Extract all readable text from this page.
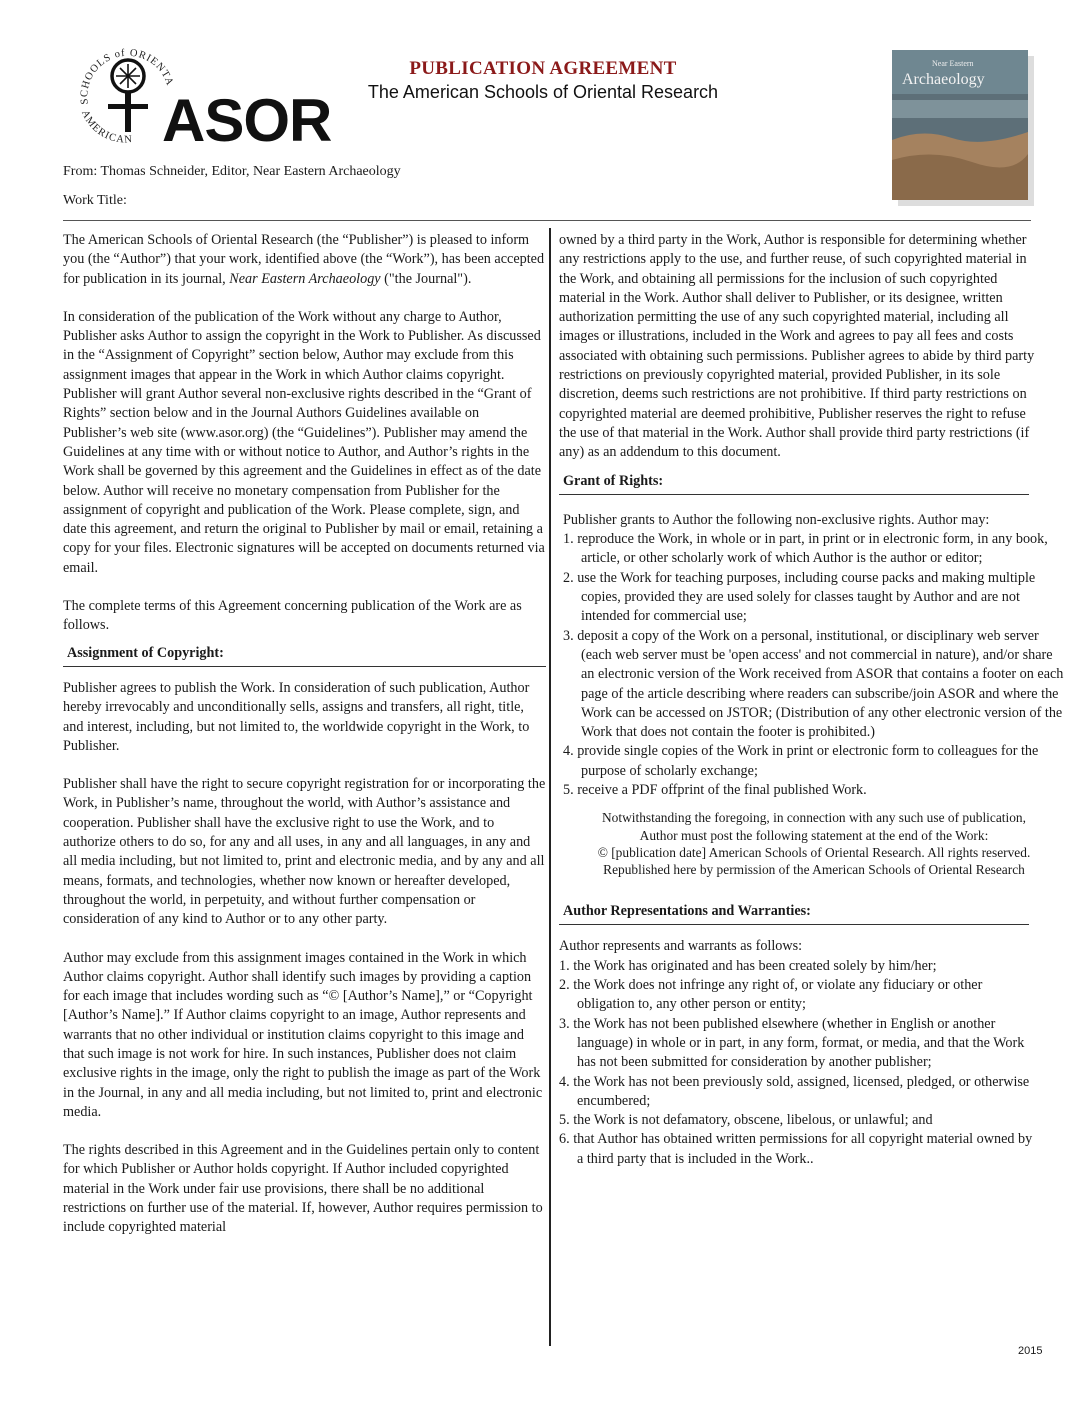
SCHOOLS of ORIENTA
AMERICAN ASOR
PUBLICATION AGREEMENT
The American Schools of Oriental Research
Near Eastern
Archaeology
From: Thomas Schneider, Editor, Near Eastern Archaeology
Work Title:

The American Schools of Oriental Research (the “Publisher”) is pleased to inform you (the “Author”) that your work, identified above (the “Work”), has been accepted for publication in its journal, Near Eastern Archaeology ("the Journal").

In consideration of the publication of the Work without any charge to Author, Publisher asks Author to assign the copyright in the Work to Publisher. As discussed in the “Assignment of Copyright” section below, Author may exclude from this assignment images that appear in the Work in which Author claims copyright. Publisher will grant Author several non-exclusive rights described in the “Grant of Rights” section below and in the Journal Authors Guidelines available on Publisher’s web site (www.asor.org) (the “Guidelines”). Publisher may amend the Guidelines at any time with or without notice to Author, and Author’s rights in the Work shall be governed by this agreement and the Guidelines in effect as of the date below. Author will receive no monetary compensation from Publisher for the assignment of copyright and publication of the Work. Please complete, sign, and date this agreement, and return the original to Publisher by mail or email, retaining a copy for your files. Electronic signatures will be accepted on documents returned via email.

The complete terms of this Agreement concerning publication of the Work are as follows.

Assignment of Copyright:

Publisher agrees to publish the Work. In consideration of such publication, Author hereby irrevocably and unconditionally sells, assigns and transfers, all right, title, and interest, including, but not limited to, the worldwide copyright in the Work, to Publisher.

Publisher shall have the right to secure copyright registration for or incorporating the Work, in Publisher’s name, throughout the world, with Author’s assistance and cooperation. Publisher shall have the exclusive right to use the Work, and to authorize others to do so, for any and all uses, in any and all languages, in any and all media including, but not limited to, print and electronic media, and by any and all means, formats, and technologies, whether now known or hereafter developed, throughout the world, in perpetuity, and without further compensation or consideration of any kind to Author or to any other party.

Author may exclude from this assignment images contained in the Work in which Author claims copyright. Author shall identify such images by providing a caption for each image that includes wording such as “© [Author’s Name],” or “Copyright [Author’s Name].” If Author claims copyright to an image, Author represents and warrants that no other individual or institution claims copyright to this image and that such image is not work for hire. In such instances, Publisher does not claim exclusive rights in the image, only the right to publish the image as part of the Work in the Journal, in any and all media including, but not limited to, print and electronic media.

The rights described in this Agreement and in the Guidelines pertain only to content for which Publisher or Author holds copyright. If Author included copyrighted material in the Work under fair use provisions, there shall be no additional restrictions on further use of the material. If, however, Author requires permission to include copyrighted material

owned by a third party in the Work, Author is responsible for determining whether any restrictions apply to the use, and further reuse, of such copyrighted material in the Work, and obtaining all permissions for the inclusion of such copyrighted material in the Work. Author shall deliver to Publisher, or its designee, written authorization permitting the use of any such copyrighted material, including all images or illustrations, included in the Work and agrees to pay all fees and costs associated with obtaining such permissions. Publisher agrees to abide by third party restrictions on previously copyrighted material, provided Publisher, in its sole discretion, deems such restrictions are not prohibitive. If third party restrictions on copyrighted material are deemed prohibitive, Publisher reserves the right to refuse the use of that material in the Work. Author shall provide third party restrictions (if any) as an addendum to this document.

Grant of Rights:

Publisher grants to Author the following non-exclusive rights. Author may:

1. reproduce the Work, in whole or in part, in print or in electronic form, in any book, article, or other scholarly work of which Author is the author or editor;
2. use the Work for teaching purposes, including course packs and making multiple copies, provided they are used solely for classes taught by Author and are not intended for commercial use;
3. deposit a copy of the Work on a personal, institutional, or disciplinary web server (each web server must be 'open access' and not commercial in nature), and/or share an electronic version of the Work received from ASOR that contains a footer on each page of the article describing where readers can subscribe/join ASOR and where the Work can be accessed on JSTOR; (Distribution of any other electronic version of the Work that does not contain the footer is prohibited.)
4. provide single copies of the Work in print or electronic form to colleagues for the purpose of scholarly exchange;
5. receive a PDF offprint of the final published Work.
Notwithstanding the foregoing, in connection with any such use of publication,
Author must post the following statement at the end of the Work:
© [publication date] American Schools of Oriental Research. All rights reserved.
Republished here by permission of the American Schools of Oriental Research

Author Representations and Warranties:

Author represents and warrants as follows:

1. the Work has originated and has been created solely by him/her;
2. the Work does not infringe any right of, or violate any fiduciary or other obligation to, any other person or entity;
3. the Work has not been published elsewhere (whether in English or another language) in whole or in part, in any form, format, or media, and that the Work has not been submitted for consideration by another publisher;
4. the Work has not been previously sold, assigned, licensed, pledged, or otherwise encumbered;
5. the Work is not defamatory, obscene, libelous, or unlawful; and
6. that Author has obtained written permissions for all copyright material owned by a third party that is included in the Work..
2015
